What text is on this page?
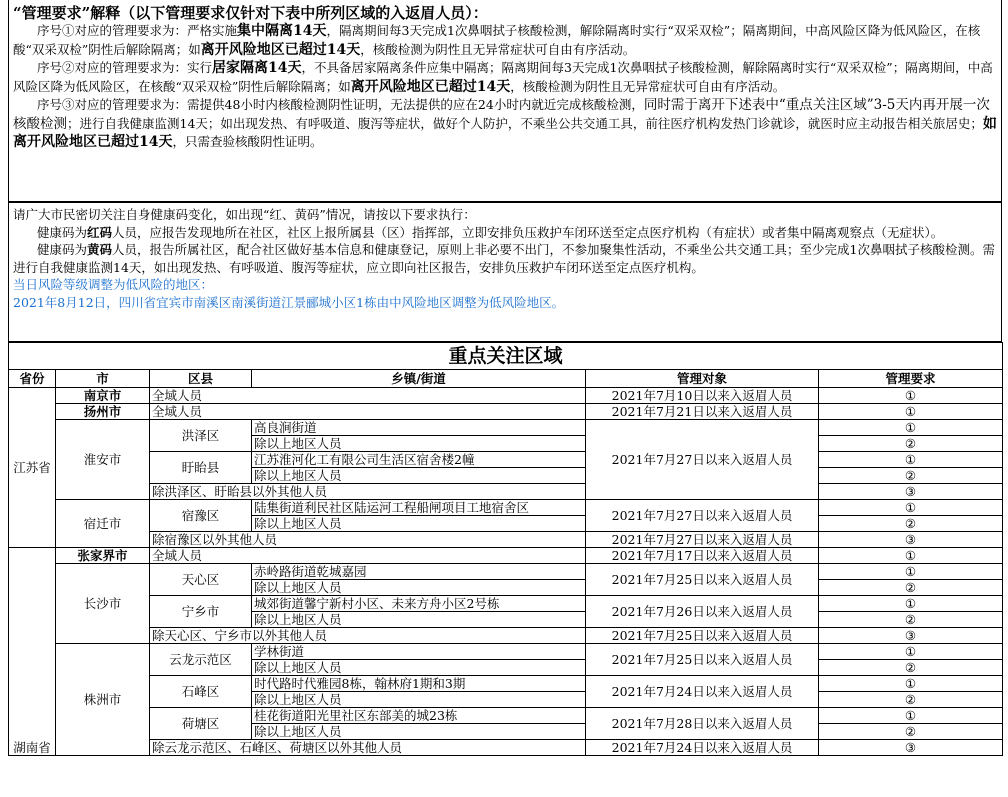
“管理要求”解释（以下管理要求仅针对下表中所列区域的入返眉人员）：

序号①对应的管理要求为：严格实施集中隔离14天，隔离期间每3天完成1次鼻咽拭子核酸检测，解除隔离时实行“双采双检”；隔离期间，中高风险区降为低风险区，在核酸“双采双检”阴性后解除隔离；如离开风险地区已超过14天，核酸检测为阴性且无异常症状可自由有序活动。

序号②对应的管理要求为：实行居家隔离14天，不具备居家隔离条件应集中隔离；隔离期间每3天完成1次鼻咽拭子核酸检测，解除隔离时实行“双采双检”；隔离期间，中高风险区降为低风险区，在核酸“双采双检”阴性后解除隔离；如离开风险地区已超过14天，核酸检测为阴性且无异常症状可自由有序活动。

序号③对应的管理要求为：需提供48小时内核酸检测阴性证明，无法提供的应在24小时内就近完成核酸检测，同时需于离开下述表中“重点关注区域”3-5天内再开展一次核酸检测；进行自我健康监测14天；如出现发热、有呼吸道、腹泻等症状，做好个人防护，不乘坐公共交通工具，前往医疗机构发热门诊就诊，就医时应主动报告相关旅居史；如离开风险地区已超过14天，只需查验核酸阴性证明。

请广大市民密切关注自身健康码变化，如出现“红、黄码”情况，请按以下要求执行：

健康码为红码人员，应报告发现地所在社区，社区上报所属县（区）指挥部，立即安排负压救护车闭环送至定点医疗机构（有症状）或者集中隔离观察点（无症状）。

健康码为黄码人员，报告所属社区，配合社区做好基本信息和健康登记，原则上非必要不出门，不参加聚集性活动，不乘坐公共交通工具；至少完成1次鼻咽拭子核酸检测。需进行自我健康监测14天，如出现发热、有呼吸道、腹泻等症状，应立即向社区报告，安排负压救护车闭环送至定点医疗机构。

当日风险等级调整为低风险的地区：

2021年8月12日，四川省宜宾市南溪区南溪街道江景郦城小区1栋由中风险地区调整为低风险地区。

重点关注区域					
省份	市	区县	乡镇/街道	管理对象	管理要求
江苏省	南京市	全域人员		2021年7月10日以来入返眉人员	①
	扬州市	全域人员		2021年7月21日以来入返眉人员	①
	淮安市	洪泽区	高良涧街道	2021年7月27日以来入返眉人员	①
			除以上地区人员		②
		盱眙县	江苏淮河化工有限公司生活区宿舍楼2幢		①
			除以上地区人员		②
		除洪泽区、盱眙县以外其他人员			③
	宿迁市	宿豫区	陆集街道利民社区陆运河工程船闸项目工地宿舍区	2021年7月27日以来入返眉人员	①
			除以上地区人员		②
		除宿豫区以外其他人员		2021年7月27日以来入返眉人员	③
湖南省	张家界市	全域人员		2021年7月17日以来入返眉人员	①
	长沙市	天心区	赤岭路街道乾城嘉园	2021年7月25日以来入返眉人员	①
			除以上地区人员		②
		宁乡市	城郊街道馨宁新村小区、未来方舟小区2号栋	2021年7月26日以来入返眉人员	①
			除以上地区人员		②
		除天心区、宁乡市以外其他人员		2021年7月25日以来入返眉人员	③
	株洲市	云龙示范区	学林街道	2021年7月25日以来入返眉人员	①
			除以上地区人员		②
		石峰区	时代路时代雅园8栋，翰林府1期和3期	2021年7月24日以来入返眉人员	①
			除以上地区人员		②
		荷塘区	桂花街道阳光里社区东部美的城23栋	2021年7月28日以来入返眉人员	①
			除以上地区人员		②
		除云龙示范区、石峰区、荷塘区以外其他人员		2021年7月24日以来入返眉人员	③
